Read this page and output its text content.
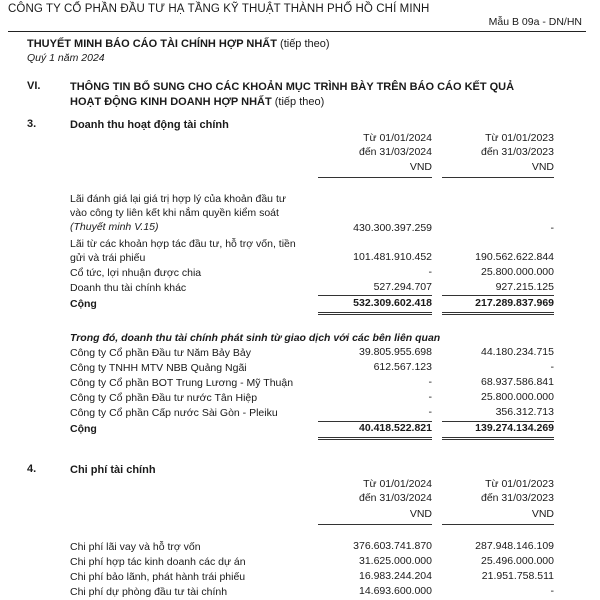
CÔNG TY CỔ PHẦN ĐẦU TƯ HẠ TẦNG KỸ THUẬT THÀNH PHỐ HỒ CHÍ MINH
Mẫu B 09a - DN/HN
THUYẾT MINH BÁO CÁO TÀI CHÍNH HỢP NHẤT (tiếp theo)
Quý 1 năm 2024
VI.	THÔNG TIN BỔ SUNG CHO CÁC KHOẢN MỤC TRÌNH BÀY TRÊN BÁO CÁO KẾT QUẢ
HOẠT ĐỘNG KINH DOANH HỢP NHẤT (tiếp theo)
3.	Doanh thu hoạt động tài chính
Từ 01/01/2024
đến 31/03/2024
Từ 01/01/2023
đến 31/03/2023
VND	VND
Lãi đánh giá lại giá trị hợp lý của khoản đầu tư
vào công ty liên kết khi nắm quyền kiểm soát
(Thuyết minh V.15)	430.300.397.259	-
Lãi từ các khoản hợp tác đầu tư, hỗ trợ vốn, tiền
gửi và trái phiếu	101.481.910.452	190.562.622.844
Cổ tức, lợi nhuận được chia	-	25.800.000.000
Doanh thu tài chính khác	527.294.707	927.215.125
Cộng	532.309.602.418	217.289.837.969
Trong đó, doanh thu tài chính phát sinh từ giao dịch với các bên liên quan
Công ty Cổ phần Đầu tư Năm Bảy Bảy	39.805.955.698	44.180.234.715
Công ty TNHH MTV NBB Quảng Ngãi	612.567.123	-
Công ty Cổ phần BOT Trung Lương - Mỹ Thuận	-	68.937.586.841
Công ty Cổ phần Đầu tư nước Tân Hiệp	-	25.800.000.000
Công ty Cổ phần Cấp nước Sài Gòn - Pleiku	-	356.312.713
Cộng	40.418.522.821	139.274.134.269
4.	Chi phí tài chính
Từ 01/01/2024
đến 31/03/2024
Từ 01/01/2023
đến 31/03/2023
VND	VND
Chi phí lãi vay và hỗ trợ vốn	376.603.741.870	287.948.146.109
Chi phí hợp tác kinh doanh các dự án	31.625.000.000	25.496.000.000
Chi phí bảo lãnh, phát hành trái phiếu	16.983.244.204	21.951.758.511
Chi phí dự phòng đầu tư tài chính	14.693.600.000	-
